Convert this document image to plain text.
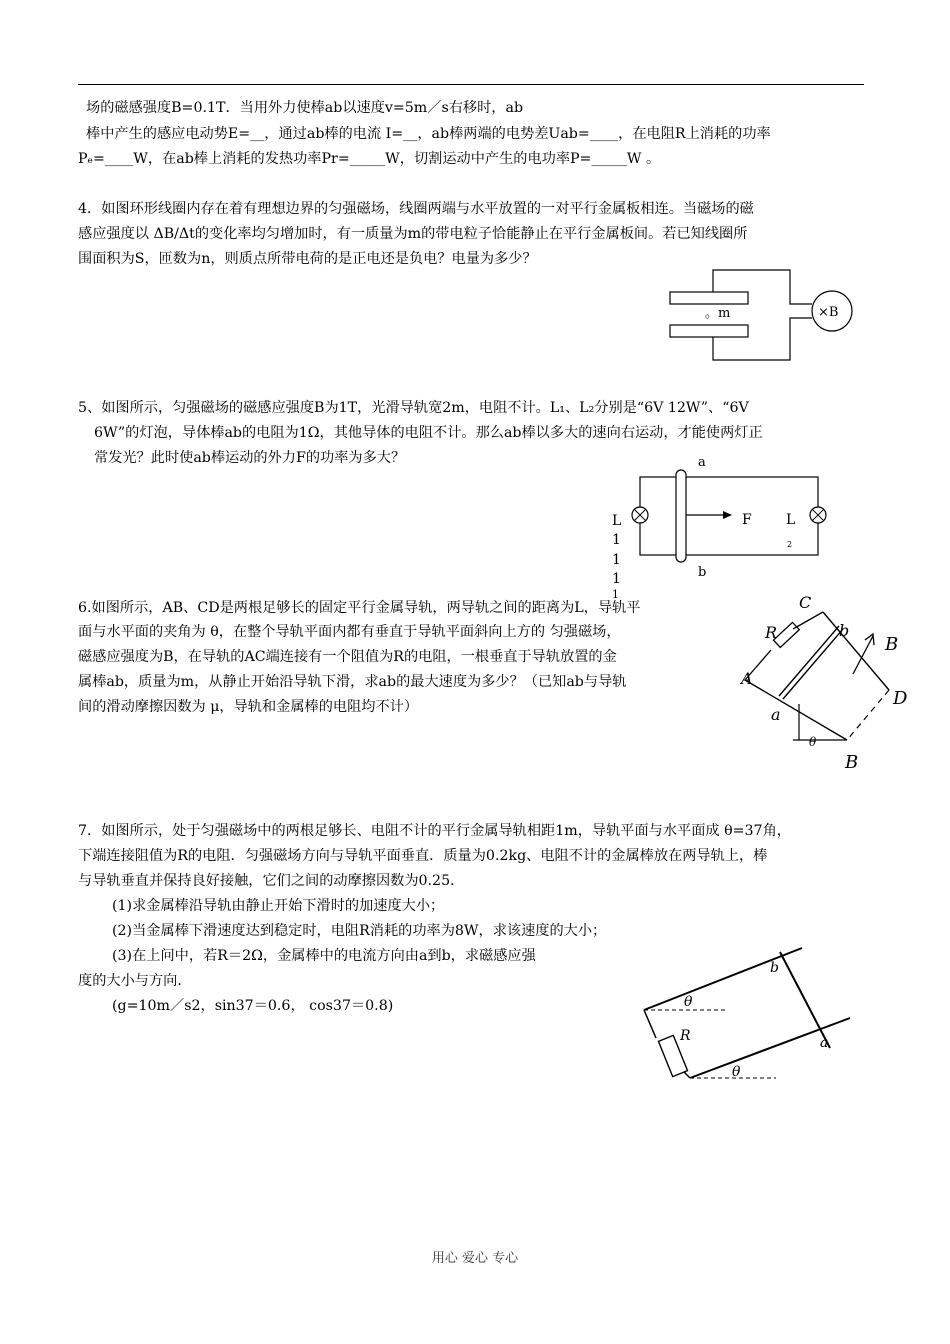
场的磁感强度B=0.1T．当用外力使棒ab以速度v=5m／s右移时，ab
棒中产生的感应电动势E=__，通过ab棒的电流 I=__，ab棒两端的电势差Uab=____，在电阻R上消耗的功率
Pₑ=____W，在ab棒上消耗的发热功率Pr=_____W，切割运动中产生的电功率P=_____W 。
4．如图环形线圈内存在着有理想边界的匀强磁场，线圈两端与水平放置的一对平行金属板相连。当磁场的磁
感应强度以 ΔB/Δt的变化率均匀增加时，有一质量为m的带电粒子恰能静止在平行金属板间。若已知线圈所
围面积为S，匝数为n，则质点所带电荷的是正电还是负电？电量为多少？
。m	×B
5、如图所示，匀强磁场的磁感应强度B为1T，光滑导轨宽2m，电阻不计。L₁、L₂分别是“6V 12W”、“6V
6W”的灯泡，导体棒ab的电阻为1Ω，其他导体的电阻不计。那么ab棒以多大的速向右运动，才能使两灯正
常发光？此时使ab棒运动的外力F的功率为多大？	a
F L
2
L
1
1
1
1
b
6.如图所示，AB、CD是两根足够长的固定平行金属导轨，两导轨之间的距离为L，导轨平
面与水平面的夹角为 θ，在整个导轨平面内都有垂直于导轨平面斜向上方的 匀强磁场，
磁感应强度为B，在导轨的AC端连接有一个阻值为R的电阻，一根垂直于导轨放置的金
属棒ab，质量为m，从静止开始沿导轨下滑，求ab的最大速度为多少？（已知ab与导轨
间的滑动摩擦因数为 μ，导轨和金属棒的电阻均不计）
C
R	b
B
A
a
D
θ
B
7．如图所示，处于匀强磁场中的两根足够长、电阻不计的平行金属导轨相距1m，导轨平面与水平面成 θ=37角，
下端连接阻值为R的电阻．匀强磁场方向与导轨平面垂直．质量为0.2kg、电阻不计的金属棒放在两导轨上，棒
与导轨垂直并保持良好接触，它们之间的动摩擦因数为0.25．
(1)求金属棒沿导轨由静止开始下滑时的加速度大小；
(2)当金属棒下滑速度达到稳定时，电阻R消耗的功率为8W，求该速度的大小；
(3)在上问中，若R＝2Ω，金属棒中的电流方向由a到b，求磁感应强
度的大小与方向．
(g=10m／s2，sin37＝0.6， cos37＝0.8)	θ
θ
b
R	a
用心 爱心 专心
